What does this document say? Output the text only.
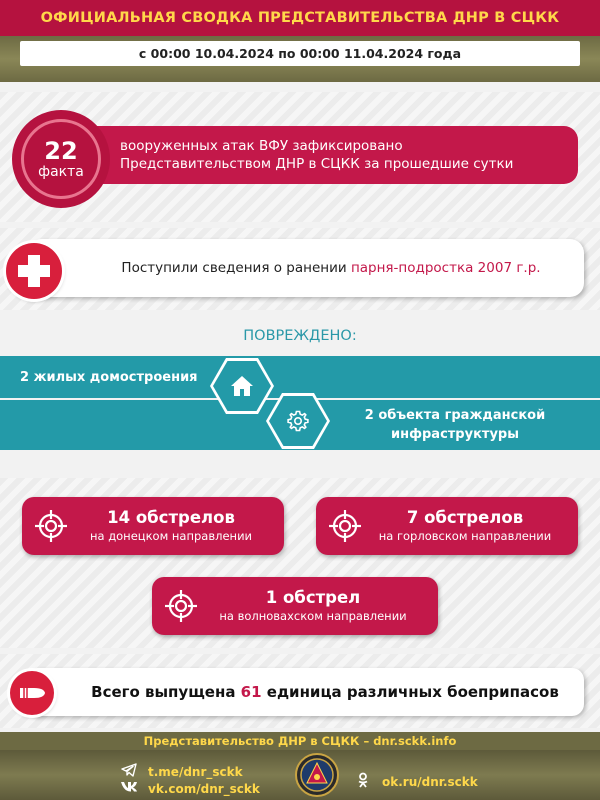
ОФИЦИАЛЬНАЯ СВОДКА ПРЕДСТАВИТЕЛЬСТВА ДНР В СЦКК
с 00:00 10.04.2024 по 00:00 11.04.2024 года
вооруженных атак ВФУ зафиксировано
Представительством ДНР в СЦКК за прошедшие сутки
22
факта
Поступили сведения о ранении парня-подростка 2007 г.р.
ПОВРЕЖДЕНО:
2 жилых домостроения
2 объекта гражданской
инфраструктуры
14 обстрелов
на донецком направлении
7 обстрелов
на горловском направлении
1 обстрел
на волновахском направлении
Всего выпущена 61 единица различных боеприпасов
Представительство ДНР в СЦКК – dnr.sckk.info
t.me/dnr_sckk
vk.com/dnr_sckk	ok.ru/dnr.sckk
